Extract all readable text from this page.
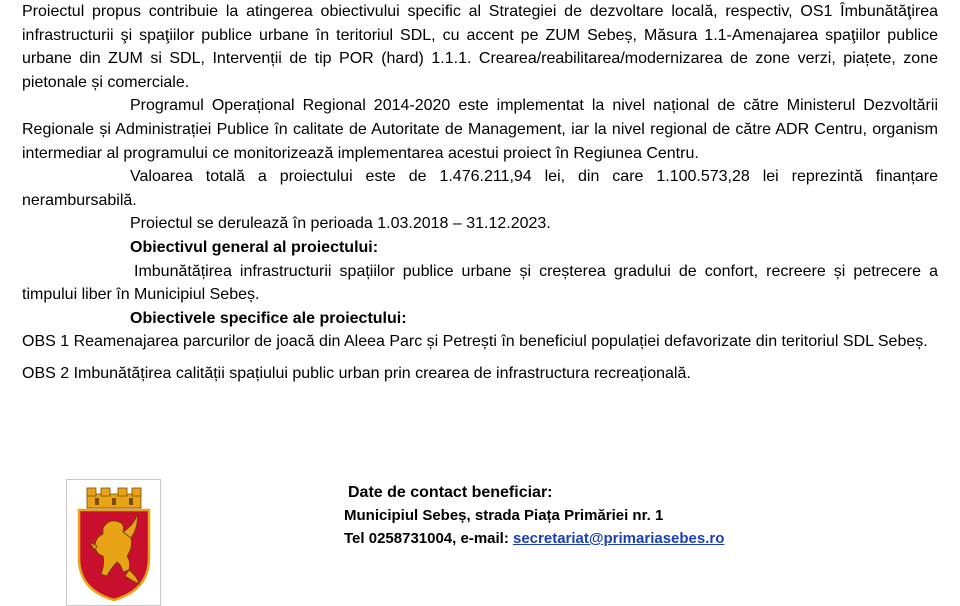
Proiectul propus contribuie la atingerea obiectivului specific al Strategiei de dezvoltare locală, respectiv, OS1 Îmbunătăţirea infrastructurii şi spaţiilor publice urbane în teritoriul SDL, cu accent pe ZUM Sebeș, Măsura 1.1-Amenajarea spaţiilor publice urbane din ZUM si SDL, Intervenții de tip POR (hard) 1.1.1. Crearea/reabilitarea/modernizarea de zone verzi, piațete, zone pietonale și comerciale.

Programul Operațional Regional 2014-2020 este implementat la nivel național de către Ministerul Dezvoltării Regionale și Administrației Publice în calitate de Autoritate de Management, iar la nivel regional de către ADR Centru, organism intermediar al programului ce monitorizează implementarea acestui proiect în Regiunea Centru.

Valoarea totală a proiectului este de 1.476.211,94 lei, din care 1.100.573,28 lei reprezintă finanțare nerambursabilă.

Proiectul se derulează în perioada 1.03.2018 – 31.12.2023.

Obiectivul general al proiectului:

Imbunătățirea infrastructurii spațiilor publice urbane și creșterea gradului de confort, recreere și petrecere a timpului liber în Municipiul Sebeș.

Obiectivele specifice ale proiectului:

OBS 1 Reamenajarea parcurilor de joacă din Aleea Parc și Petrești în beneficiul populației defavorizate din teritoriul SDL Sebeș.

OBS 2 Imbunătățirea calității spațiului public urban prin crearea de infrastructura recreațională.

Date de contact beneficiar:
Municipiul Sebeș, strada Piața Primăriei nr. 1
Tel 0258731004, e-mail: secretariat@primariasebes.ro
